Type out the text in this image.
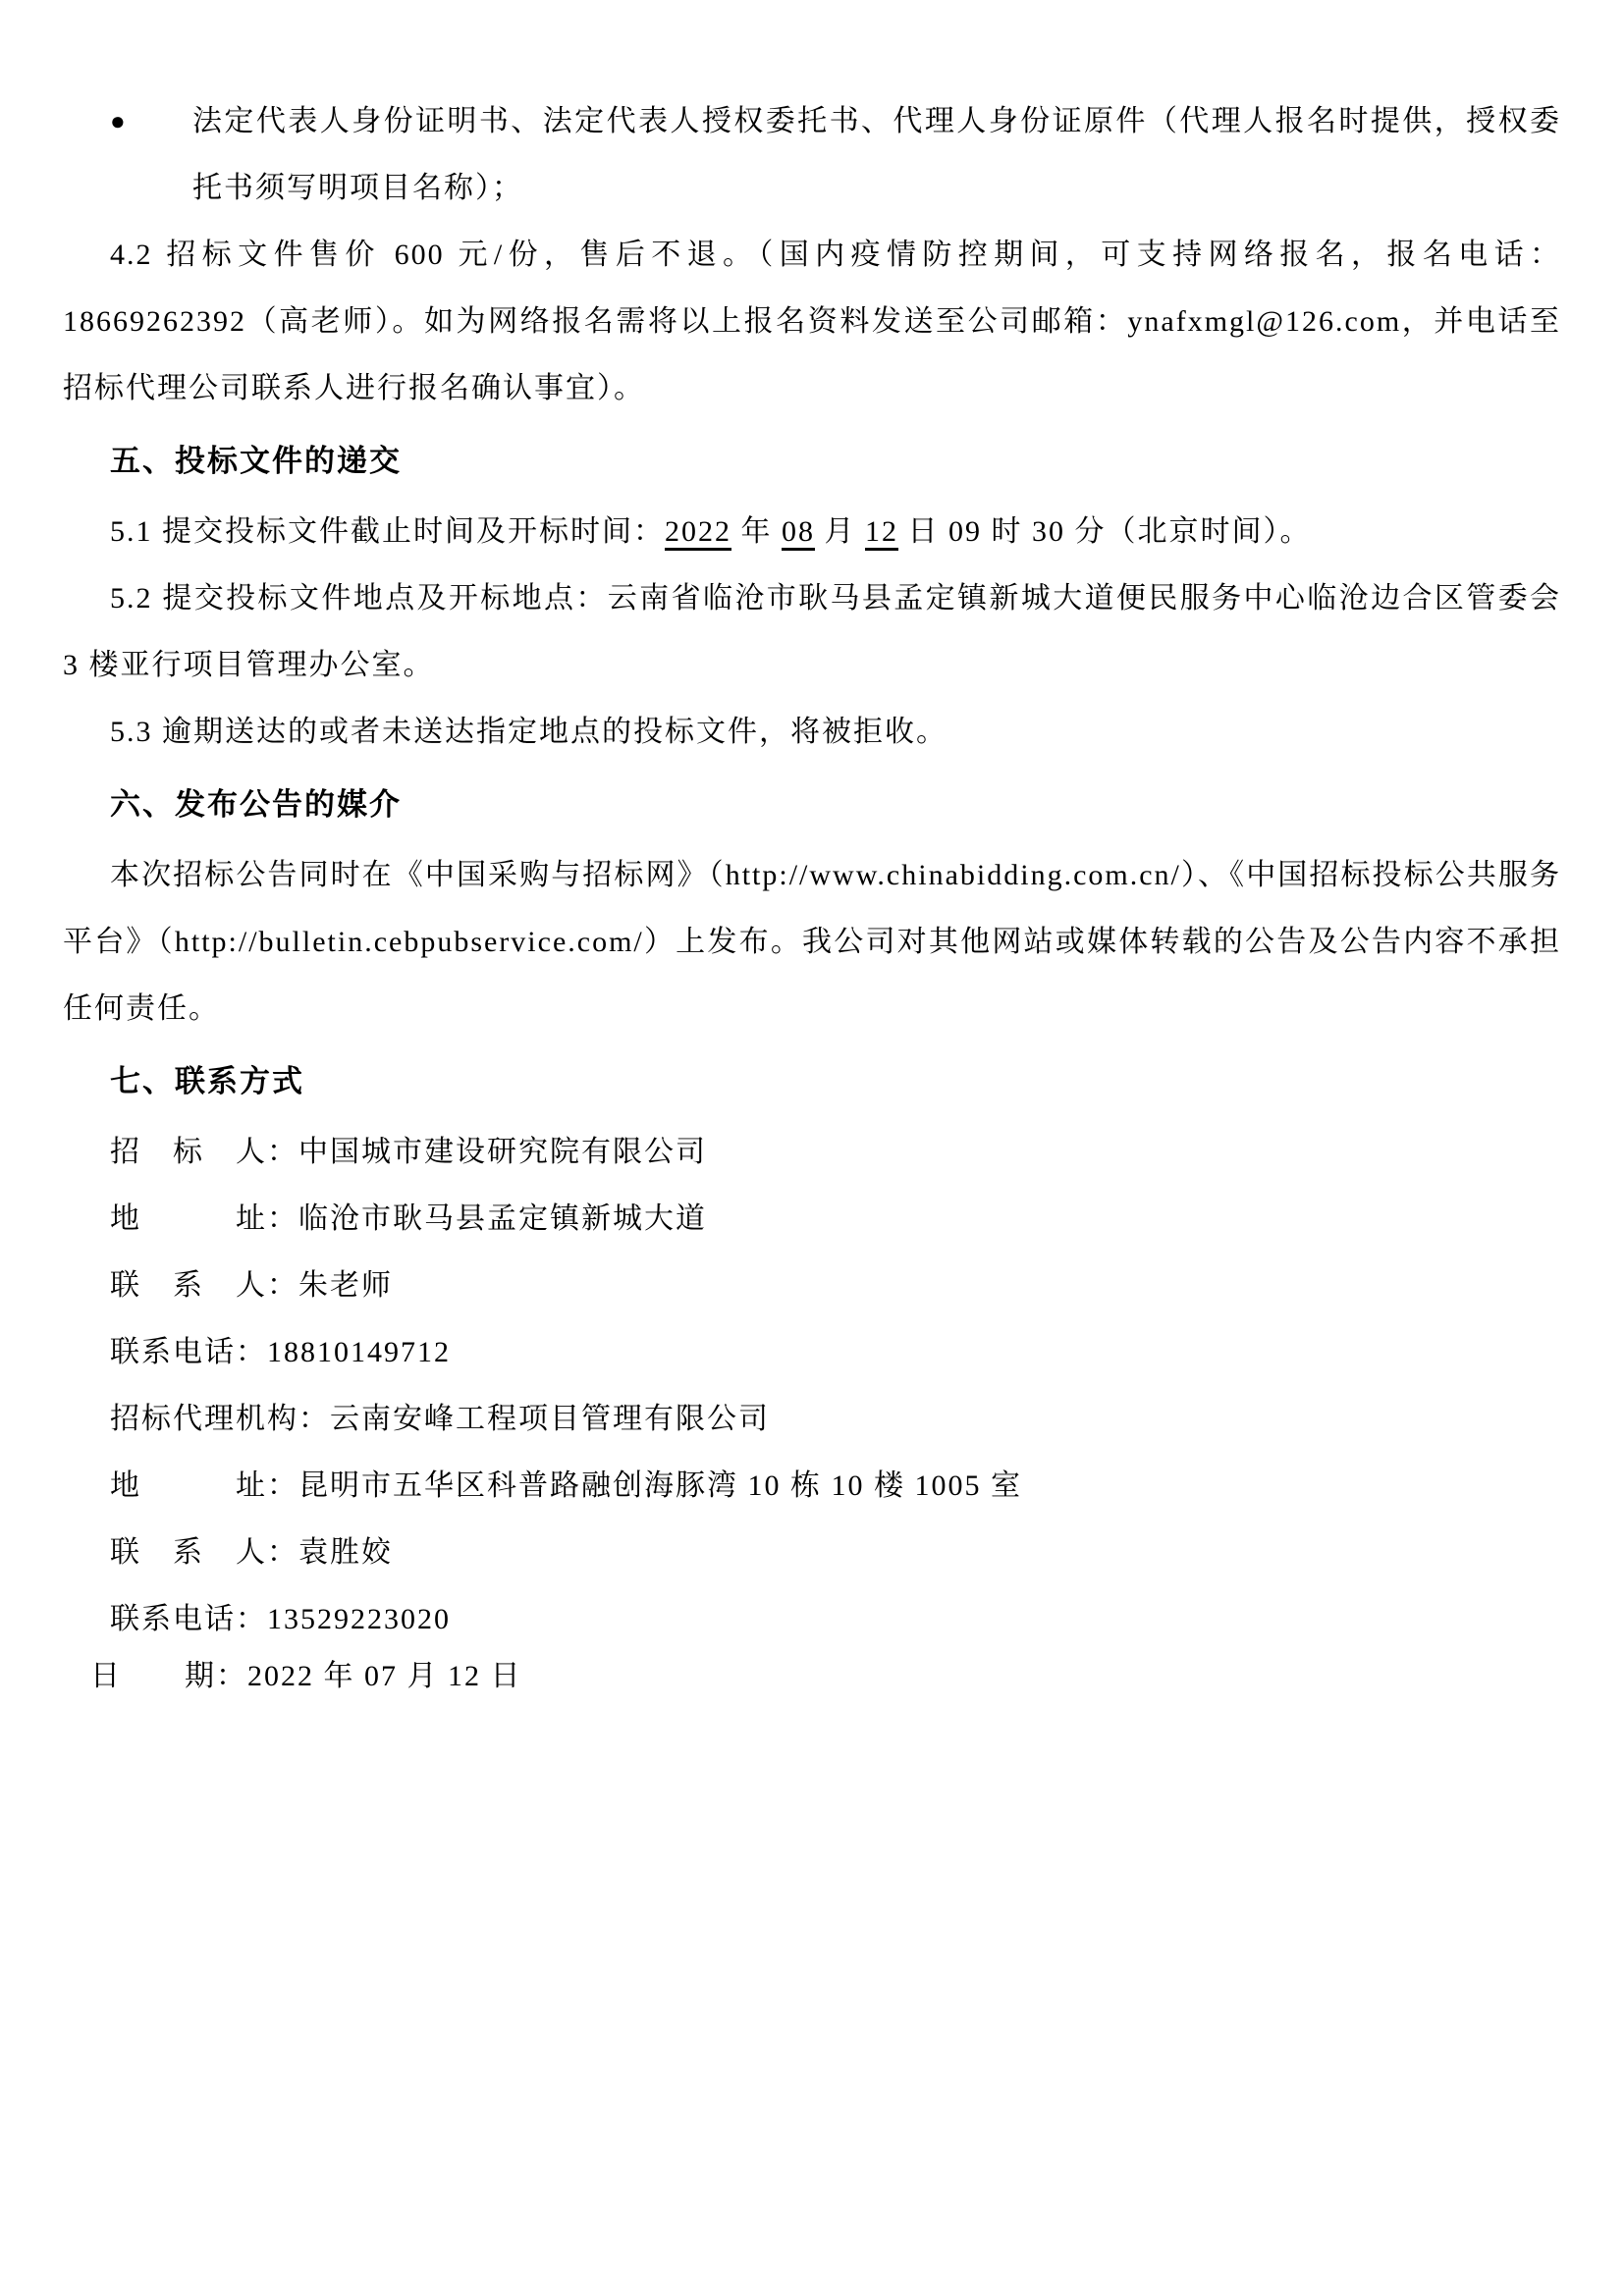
● 法定代表人身份证明书、法定代表人授权委托书、代理人身份证原件（代理人报名时提供，授权委托书须写明项目名称）；

4.2 招标文件售价 600 元/份，售后不退。（国内疫情防控期间，可支持网络报名，报名电话：18669262392（高老师）。如为网络报名需将以上报名资料发送至公司邮箱：ynafxmgl@126.com，并电话至招标代理公司联系人进行报名确认事宜）。

五、投标文件的递交

5.1 提交投标文件截止时间及开标时间：2022 年 08 月 12 日 09 时 30 分（北京时间）。

5.2 提交投标文件地点及开标地点：云南省临沧市耿马县孟定镇新城大道便民服务中心临沧边合区管委会 3 楼亚行项目管理办公室。

5.3 逾期送达的或者未送达指定地点的投标文件，将被拒收。

六、发布公告的媒介

本次招标公告同时在《中国采购与招标网》（http://www.chinabidding.com.cn/）、《中国招标投标公共服务平台》（http://bulletin.cebpubservice.com/）上发布。我公司对其他网站或媒体转载的公告及公告内容不承担任何责任。

七、联系方式
招　标　人：中国城市建设研究院有限公司
地　　　址：临沧市耿马县孟定镇新城大道
联　系　人：朱老师
联系电话：18810149712
招标代理机构：云南安峰工程项目管理有限公司
地　　　址：昆明市五华区科普路融创海豚湾 10 栋 10 楼 1005 室
联　系　人：袁胜姣
联系电话：13529223020
日　　期：2022 年 07 月 12 日
